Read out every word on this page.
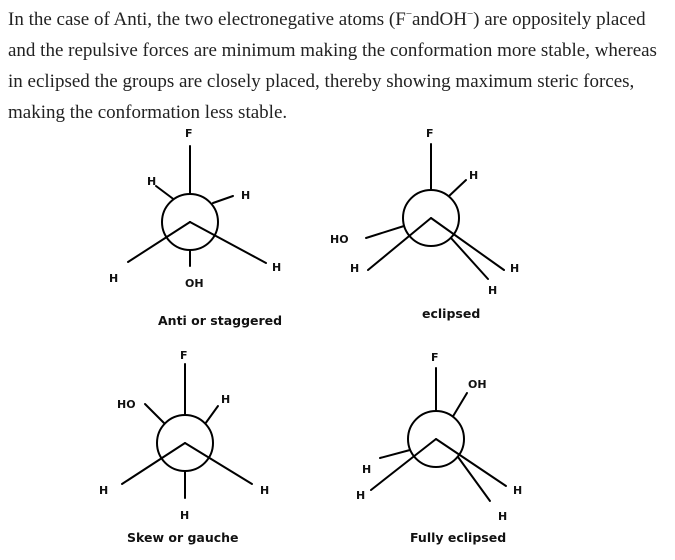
In the case of Anti, the two electronegative atoms (F−andOH−) are oppositely placed and the repulsive forces are minimum making the conformation more stable, whereas in eclipsed the groups are closely placed, thereby showing maximum steric forces, making the conformation less stable.
F
H
H
OH
H
H
Anti or staggered
F
H
HO
H	H
H
eclipsed
F
HO	H
H	H
H
Skew or gauche
F
OH
H
H	H
H
Fully eclipsed
